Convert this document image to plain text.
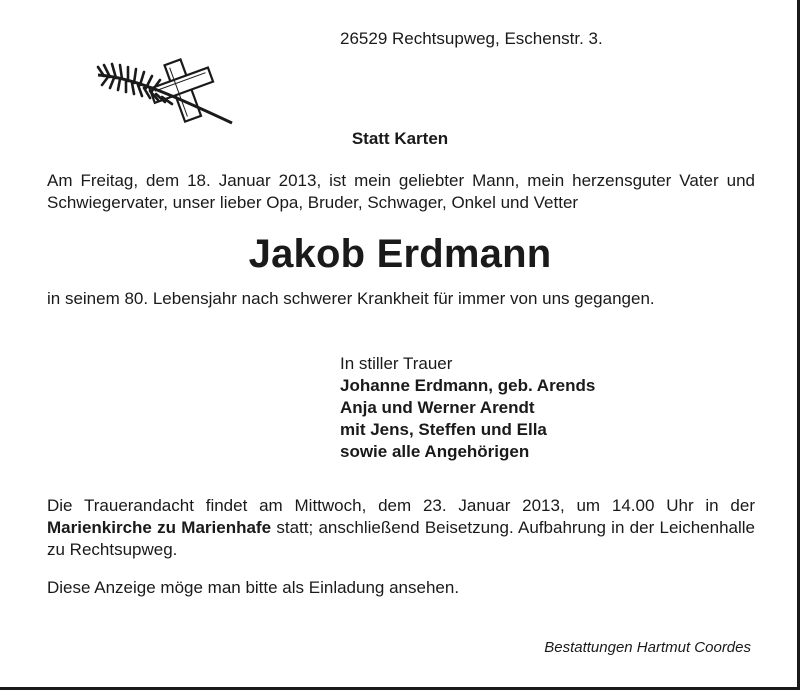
26529 Rechtsupweg, Eschenstr. 3.
Statt Karten
Am Freitag, dem 18. Januar 2013, ist mein geliebter Mann, mein herzensguter Vater und Schwiegervater, unser lieber Opa, Bruder, Schwager, Onkel und Vetter
Jakob Erdmann
in seinem 80. Lebensjahr nach schwerer Krankheit für immer von uns gegangen.
In stiller Trauer
Johanne Erdmann, geb. Arends
Anja und Werner Arendt
mit Jens, Steffen und Ella
sowie alle Angehörigen
Die Trauerandacht findet am Mittwoch, dem 23. Januar 2013, um 14.00 Uhr in der Marienkirche zu Marienhafe statt; anschließend Beisetzung. Aufbahrung in der Leichenhalle zu Rechtsupweg.
Diese Anzeige möge man bitte als Einladung ansehen.
Bestattungen Hartmut Coordes
